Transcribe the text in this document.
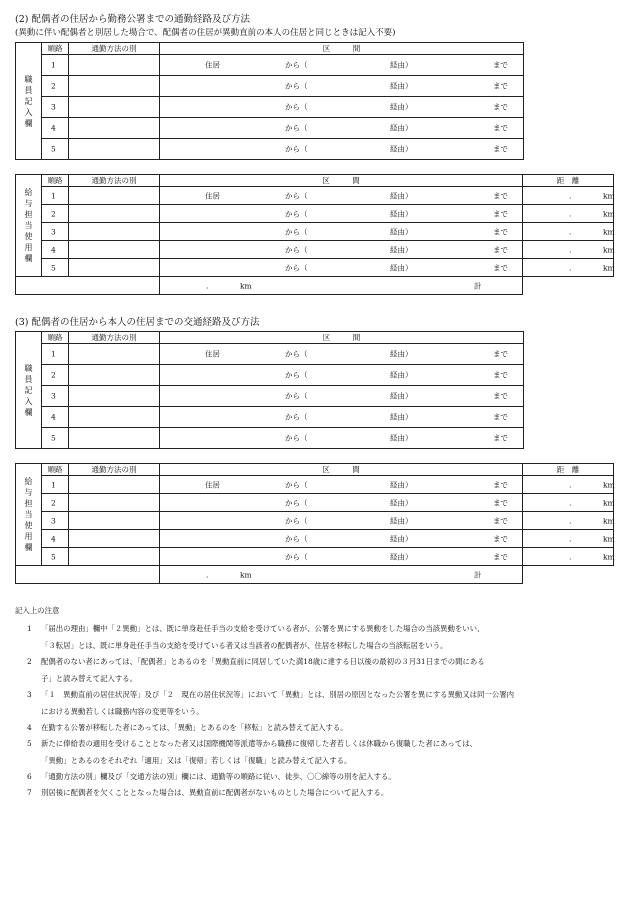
(2) 配偶者の住居から勤務公署までの通勤経路及び方法
(異動に伴い配偶者と別居した場合で、配偶者の住居が異動直前の本人の住居と同じときは記入不要)
職員記入欄	順路	通勤方法の別	区　　　間

	1		住居 から（ 経由） まで

	2		から（ 経由） まで

	3		から（ 経由） まで

	4		から（ 経由） まで

	5		から（ 経由） まで
給与担当使用欄	順路	通勤方法の別	区　　　間	距　離

	1		住居 から（ 経由） まで	. km

	2		から（ 経由） まで	. km

	3		から（ 経由） まで	. km

	4		から（ 経由） まで	. km

	5		から（ 経由） まで	. km

計			. km	
(3) 配偶者の住居から本人の住居までの交通経路及び方法
職員記入欄	順路	通勤方法の別	区　　　間

	1		住居 から（ 経由） まで

	2		から（ 経由） まで

	3		から（ 経由） まで

	4		から（ 経由） まで

	5		から（ 経由） まで
給与担当使用欄	順路	通勤方法の別	区　　　間	距　離

	1		住居 から（ 経由） まで	. km

	2		から（ 経由） まで	. km

	3		から（ 経由） まで	. km

	4		から（ 経由） まで	. km

	5		から（ 経由） まで	. km

計			. km	
記入上の注意
1 「届出の理由」欄中「２異動」とは、既に単身赴任手当の支給を受けている者が、公署を異にする異動をした場合の当該異動をいい、
「３転居」とは、既に単身赴任手当の支給を受けている者又は当該者の配偶者が、住居を移転した場合の当該転居をいう。
2 配偶者のない者にあっては、「配偶者」とあるのを「異動直前に同居していた満18歳に達する日以後の最初の３月31日までの間にある
子」と読み替えて記入する。
3 「１　異動直前の居住状況等」及び「２　現在の居住状況等」において「異動」とは、別居の原因となった公署を異にする異動又は同一公署内
における異動若しくは職務内容の変更等をいう。
4 在勤する公署が移転した者にあっては、「異動」とあるのを「移転」と読み替えて記入する。
5 新たに俸給表の適用を受けることとなった者又は国際機関等派遣等から職務に復帰した者若しくは休職から復職した者にあっては、
「異動」とあるのをそれぞれ「適用」又は「復帰」若しくは「復職」と読み替えて記入する。
6 「通勤方法の別」欄及び「交通方法の別」欄には、通勤等の順路に従い、徒歩、〇〇線等の別を記入する。
7 別居後に配偶者を欠くこととなった場合は、異動直前に配偶者がないものとした場合について記入する。
